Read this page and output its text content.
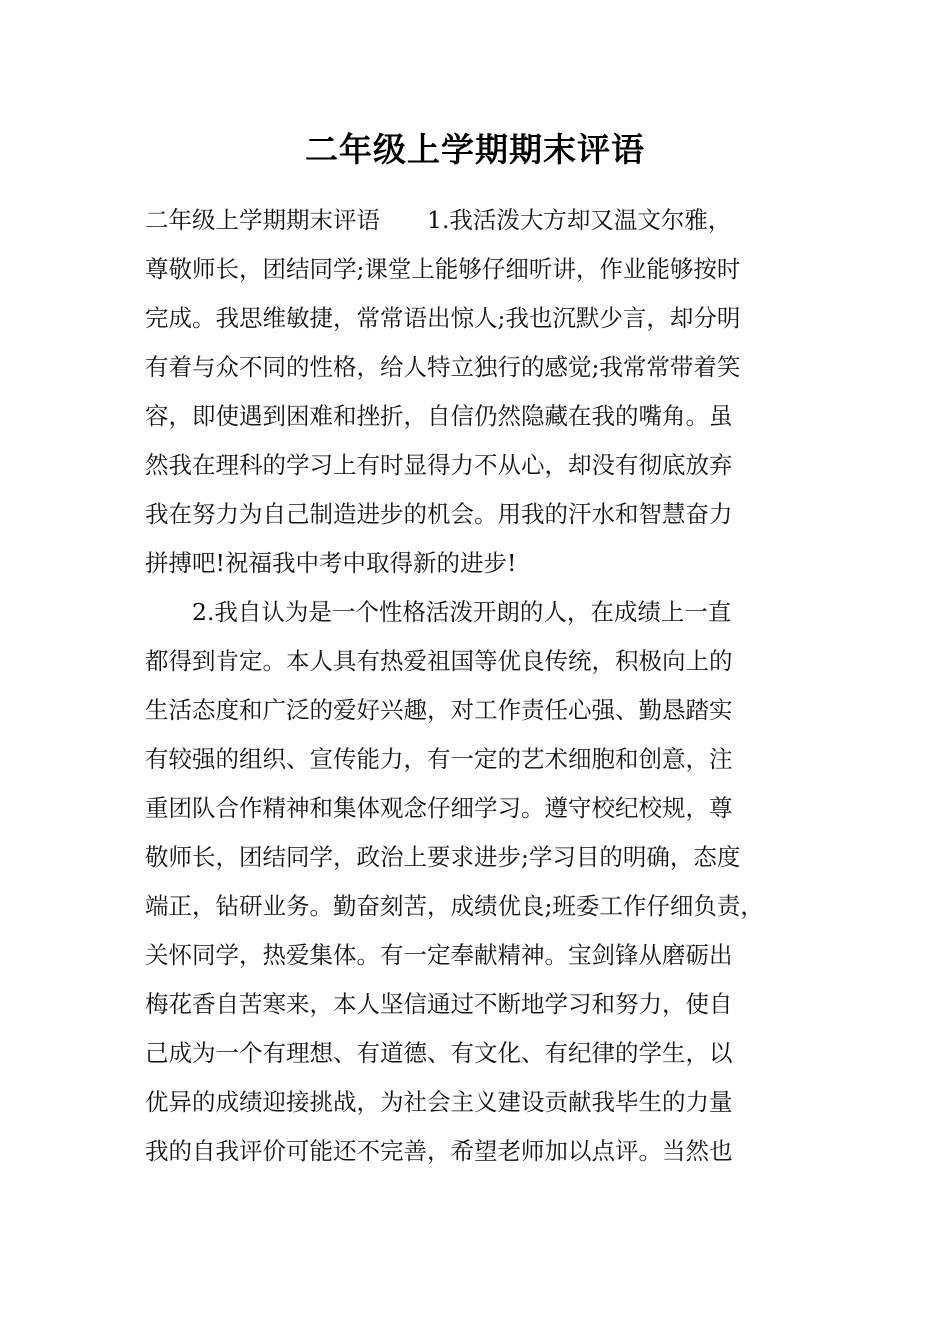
二年级上学期期末评语
二年级上学期期末评语　　1.我活泼大方却又温文尔雅，
尊敬师长，团结同学;课堂上能够仔细听讲，作业能够按时
完成。我思维敏捷，常常语出惊人;我也沉默少言，却分明
有着与众不同的性格，给人特立独行的感觉;我常常带着笑
容，即使遇到困难和挫折，自信仍然隐藏在我的嘴角。虽
然我在理科的学习上有时显得力不从心，却没有彻底放弃
我在努力为自己制造进步的机会。用我的汗水和智慧奋力
拼搏吧!祝福我中考中取得新的进步!
　　2.我自认为是一个性格活泼开朗的人，在成绩上一直
都得到肯定。本人具有热爱祖国等优良传统，积极向上的
生活态度和广泛的爱好兴趣，对工作责任心强、勤恳踏实
有较强的组织、宣传能力，有一定的艺术细胞和创意，注
重团队合作精神和集体观念仔细学习。遵守校纪校规，尊
敬师长，团结同学，政治上要求进步;学习目的明确，态度
端正，钻研业务。勤奋刻苦，成绩优良;班委工作仔细负责，
关怀同学，热爱集体。有一定奉献精神。宝剑锋从磨砺出
梅花香自苦寒来，本人坚信通过不断地学习和努力，使自
己成为一个有理想、有道德、有文化、有纪律的学生，以
优异的成绩迎接挑战，为社会主义建设贡献我毕生的力量
我的自我评价可能还不完善，希望老师加以点评。当然也
